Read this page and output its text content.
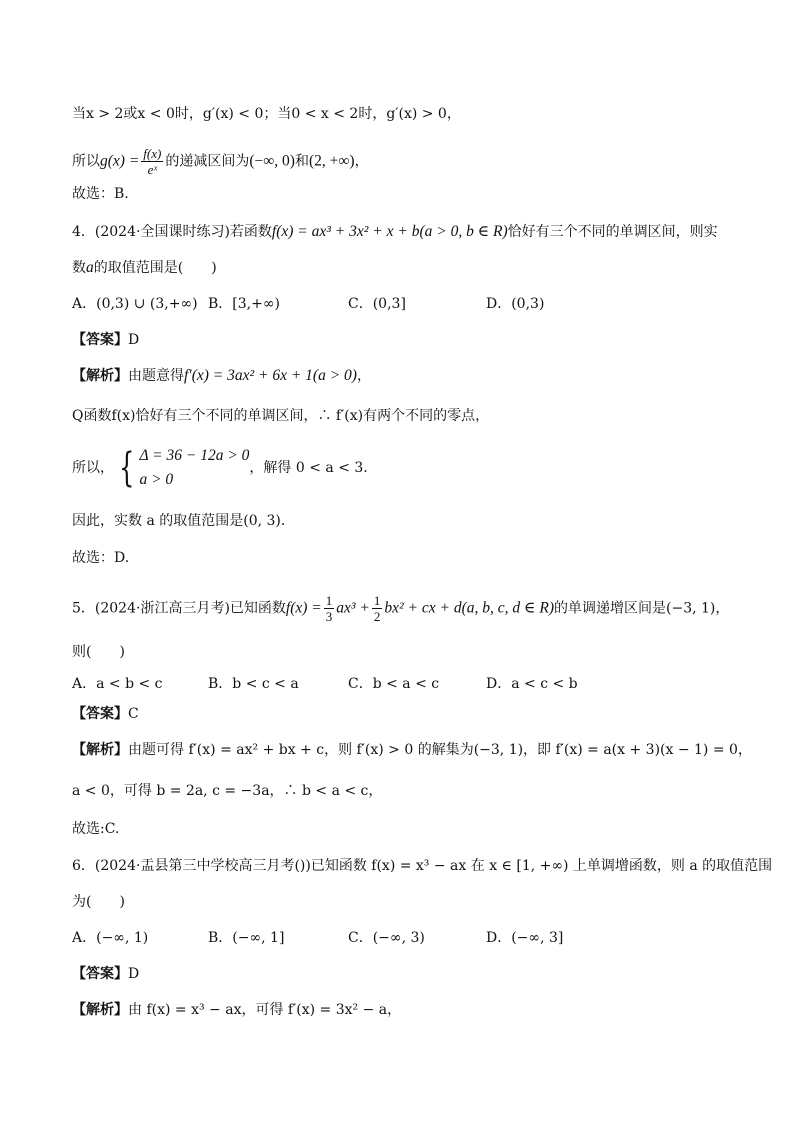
当x > 2或x < 0时，g′(x) < 0；当0 < x < 2时，g′(x) > 0，
所以$g(x) = \frac{f(x)}{\text{eˣ}}$ 的递减区间为(−∞, 0)和(2, +∞)，
故选：B.
4．(2024·全国课时练习)若函数f(x) = ax³ + 3x² + x + b(a > 0, b ∈ R)恰好有三个不同的单调区间，则实
数a的取值范围是(　　)
A．(0,3) ∪ (3,+∞) B．[3,+∞)	C．(0,3]	D．(0,3)
【答案】D
【解析】由题意得f′(x) = 3ax² + 6x + 1(a > 0)，
Q函数f(x)恰好有三个不同的单调区间，∴ f′(x)有两个不同的零点，
所以， { Δ = 36 − 12a > 0
a > 0
，解得 0 < a < 3.
因此，实数 a 的取值范围是(0, 3).
故选：D.
5．(2024·浙江高三月考)已知函数$f(x) = \frac{1}{3} ax^3 + \frac{1}{2} bx^2$ + cx + d(a, b, c, d ∈ R)的单调递增区间是(−3, 1)，
则(　　)
A．a < b < c	B．b < c < a	C．b < a < c	D．a < c < b
【答案】C
【解析】由题可得 f′(x) = ax² + bx + c，则 f′(x) > 0 的解集为(−3, 1)，即 f′(x) = a(x + 3)(x − 1) = 0，
a < 0，可得 b = 2a, c = −3a，∴ b < a < c，
故选:C.
6．(2024·盂县第三中学校高三月考())已知函数 f(x) = x³ − ax 在 x ∈ [1, +∞) 上单调增函数，则 a 的取值范围
为(　　)
A．(−∞, 1)	B．(−∞, 1]	C．(−∞, 3)	D．(−∞, 3]
【答案】D
【解析】由 f(x) = x³ − ax，可得 f′(x) = 3x² − a，
